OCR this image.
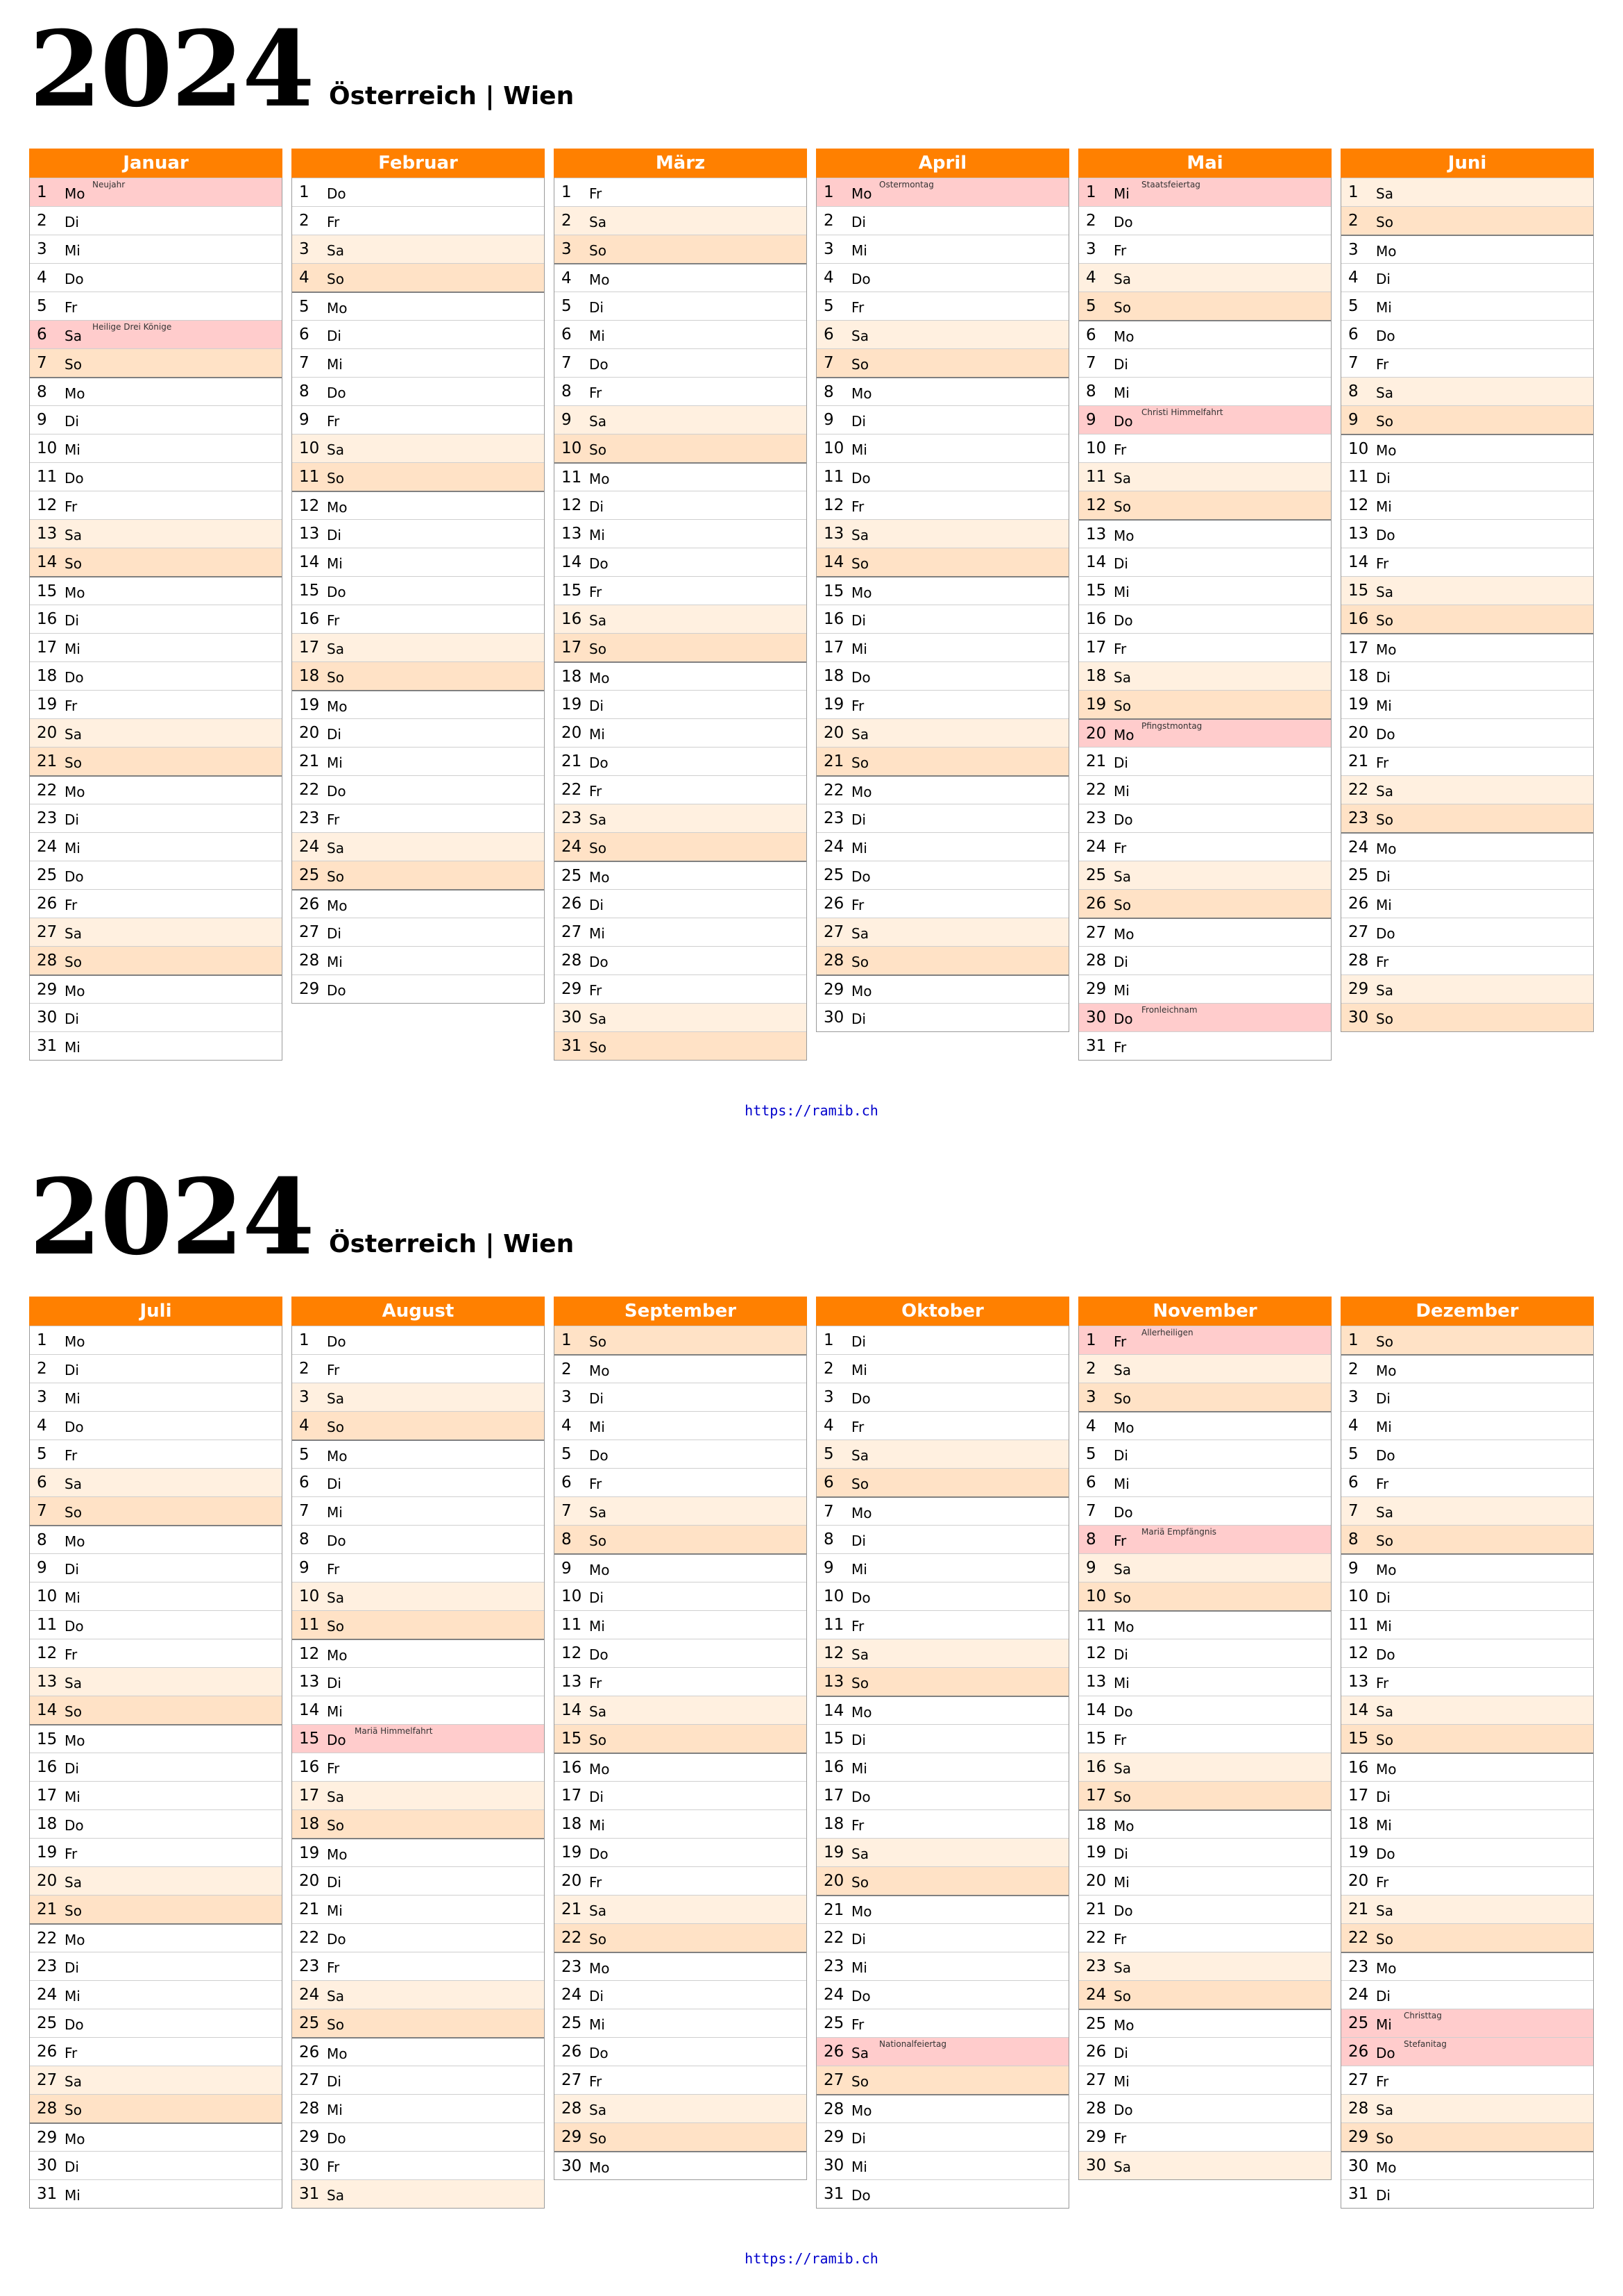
2024 Österreich | Wien
Januar
1 Mo
Neujahr
2 Di
3 Mi
4 Do
5 Fr
6 Sa
Heilige Drei Könige
7 So
8 Mo
9 Di
10 Mi
11 Do
12 Fr
13 Sa
14 So
15 Mo
16 Di
17 Mi
18 Do
19 Fr
20 Sa
21 So
22 Mo
23 Di
24 Mi
25 Do
26 Fr
27 Sa
28 So
29 Mo
30 Di
31 Mi
Februar
1 Do
2 Fr
3 Sa
4 So
5 Mo
6 Di
7 Mi
8 Do
9 Fr
10 Sa
11 So
12 Mo
13 Di
14 Mi
15 Do
16 Fr
17 Sa
18 So
19 Mo
20 Di
21 Mi
22 Do
23 Fr
24 Sa
25 So
26 Mo
27 Di
28 Mi
29 Do
März
1 Fr
2 Sa
3 So
4 Mo
5 Di
6 Mi
7 Do
8 Fr
9 Sa
10 So
11 Mo
12 Di
13 Mi
14 Do
15 Fr
16 Sa
17 So
18 Mo
19 Di
20 Mi
21 Do
22 Fr
23 Sa
24 So
25 Mo
26 Di
27 Mi
28 Do
29 Fr
30 Sa
31 So
April
1 Mo
Ostermontag
2 Di
3 Mi
4 Do
5 Fr
6 Sa
7 So
8 Mo
9 Di
10 Mi
11 Do
12 Fr
13 Sa
14 So
15 Mo
16 Di
17 Mi
18 Do
19 Fr
20 Sa
21 So
22 Mo
23 Di
24 Mi
25 Do
26 Fr
27 Sa
28 So
29 Mo
30 Di
Mai
1 Mi
Staatsfeiertag
2 Do
3 Fr
4 Sa
5 So
6 Mo
7 Di
8 Mi
9 Do
Christi Himmelfahrt
10 Fr
11 Sa
12 So
13 Mo
14 Di
15 Mi
16 Do
17 Fr
18 Sa
19 So
20 Mo
Pfingstmontag
21 Di
22 Mi
23 Do
24 Fr
25 Sa
26 So
27 Mo
28 Di
29 Mi
30 Do
Fronleichnam
31 Fr
Juni
1 Sa
2 So
3 Mo
4 Di
5 Mi
6 Do
7 Fr
8 Sa
9 So
10 Mo
11 Di
12 Mi
13 Do
14 Fr
15 Sa
16 So
17 Mo
18 Di
19 Mi
20 Do
21 Fr
22 Sa
23 So
24 Mo
25 Di
26 Mi
27 Do
28 Fr
29 Sa
30 So
https://ramib.ch
2024 Österreich | Wien
Juli
1 Mo
2 Di
3 Mi
4 Do
5 Fr
6 Sa
7 So
8 Mo
9 Di
10 Mi
11 Do
12 Fr
13 Sa
14 So
15 Mo
16 Di
17 Mi
18 Do
19 Fr
20 Sa
21 So
22 Mo
23 Di
24 Mi
25 Do
26 Fr
27 Sa
28 So
29 Mo
30 Di
31 Mi
August
1 Do
2 Fr
3 Sa
4 So
5 Mo
6 Di
7 Mi
8 Do
9 Fr
10 Sa
11 So
12 Mo
13 Di
14 Mi
15 Do
Mariä Himmelfahrt
16 Fr
17 Sa
18 So
19 Mo
20 Di
21 Mi
22 Do
23 Fr
24 Sa
25 So
26 Mo
27 Di
28 Mi
29 Do
30 Fr
31 Sa
September
1 So
2 Mo
3 Di
4 Mi
5 Do
6 Fr
7 Sa
8 So
9 Mo
10 Di
11 Mi
12 Do
13 Fr
14 Sa
15 So
16 Mo
17 Di
18 Mi
19 Do
20 Fr
21 Sa
22 So
23 Mo
24 Di
25 Mi
26 Do
27 Fr
28 Sa
29 So
30 Mo
Oktober
1 Di
2 Mi
3 Do
4 Fr
5 Sa
6 So
7 Mo
8 Di
9 Mi
10 Do
11 Fr
12 Sa
13 So
14 Mo
15 Di
16 Mi
17 Do
18 Fr
19 Sa
20 So
21 Mo
22 Di
23 Mi
24 Do
25 Fr
26 Sa
Nationalfeiertag
27 So
28 Mo
29 Di
30 Mi
31 Do
November
1 Fr
Allerheiligen
2 Sa
3 So
4 Mo
5 Di
6 Mi
7 Do
8 Fr
Mariä Empfängnis
9 Sa
10 So
11 Mo
12 Di
13 Mi
14 Do
15 Fr
16 Sa
17 So
18 Mo
19 Di
20 Mi
21 Do
22 Fr
23 Sa
24 So
25 Mo
26 Di
27 Mi
28 Do
29 Fr
30 Sa
Dezember
1 So
2 Mo
3 Di
4 Mi
5 Do
6 Fr
7 Sa
8 So
9 Mo
10 Di
11 Mi
12 Do
13 Fr
14 Sa
15 So
16 Mo
17 Di
18 Mi
19 Do
20 Fr
21 Sa
22 So
23 Mo
24 Di
25 Mi
Christtag
26 Do
Stefanitag
27 Fr
28 Sa
29 So
30 Mo
31 Di
https://ramib.ch
